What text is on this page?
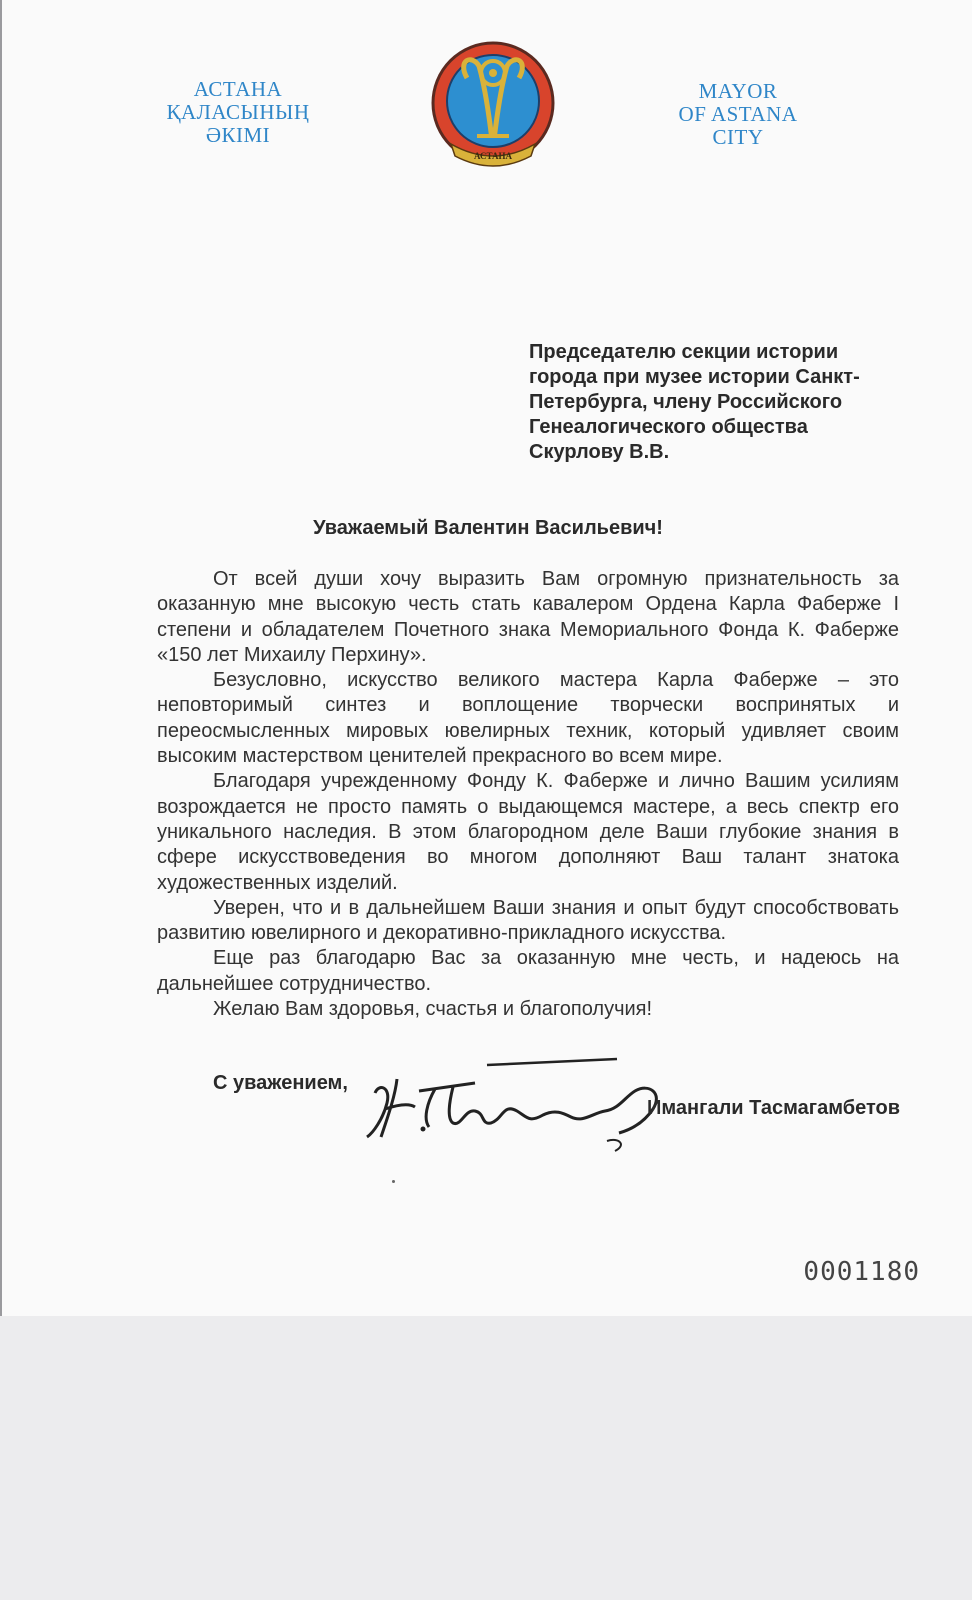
АСТАНА
ҚАЛАСЫНЫҢ
ӘКІМІ
АСТАНА
MAYOR
OF ASTANA
CITY
Председателю секции истории
города при музее истории Санкт-
Петербурга, члену Российского
Генеалогического общества
Скурлову В.В.
Уважаемый Валентин Васильевич!

От всей души хочу выразить Вам огромную признательность за оказанную мне высокую честь стать кавалером Ордена Карла Фаберже I степени и обладателем Почетного знака Мемориального Фонда К. Фаберже «150 лет Михаилу Перхину».

Безусловно, искусство великого мастера Карла Фаберже – это неповторимый синтез и воплощение творчески воспринятых и переосмысленных мировых ювелирных техник, который удивляет своим высоким мастерством ценителей прекрасного во всем мире.

Благодаря учрежденному Фонду К. Фаберже и лично Вашим усилиям возрождается не просто память о выдающемся мастере, а весь спектр его уникального наследия. В этом благородном деле Ваши глубокие знания в сфере искусствоведения во многом дополняют Ваш талант знатока художественных изделий.

Уверен, что и в дальнейшем Ваши знания и опыт будут способствовать развитию ювелирного и декоративно-прикладного искусства.

Еще раз благодарю Вас за оказанную мне честь, и надеюсь на дальнейшее сотрудничество.

Желаю Вам здоровья, счастья и благополучия!

С уважением,
Имангали Тасмагамбетов
0001180
